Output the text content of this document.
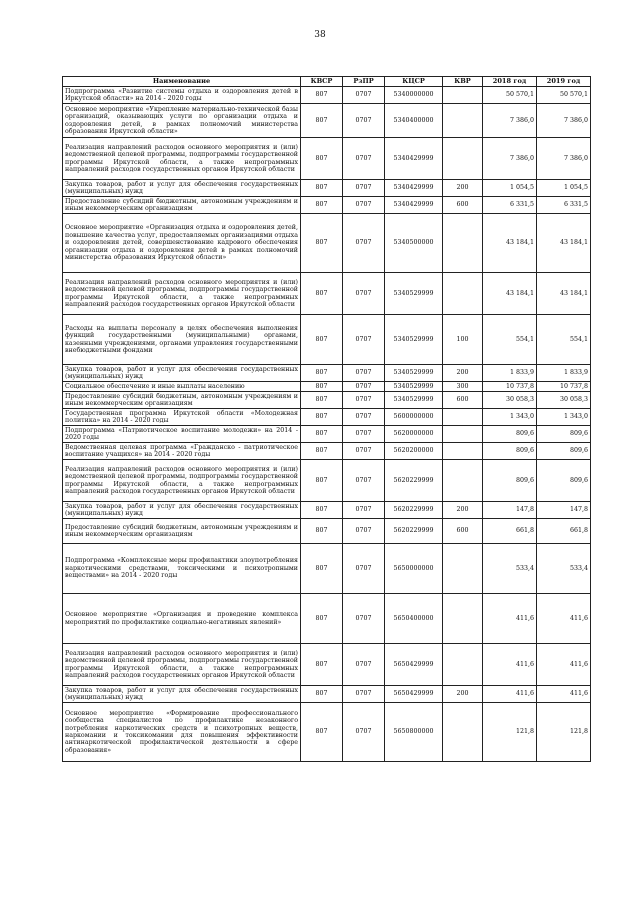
38
Наименование	КВСР	РзПР	КЦСР	КВР	2018 год	2019 год
Подпрограмма «Развитие системы отдыха и оздоровления детей в Иркутской области» на 2014 - 2020 годы	807	0707	5340000000		50 570,1	50 570,1
Основное мероприятие «Укрепление материально-технической базы организаций, оказывающих услуги по организации отдыха и оздоровления детей, в рамках полномочий министерства образования Иркутской области»	807	0707	5340400000		7 386,0	7 386,0
Реализация направлений расходов основного мероприятия и (или) ведомственной целевой программы, подпрограммы государственной программы Иркутской области, а также непрограммных направлений расходов государственных органов Иркутской области	807	0707	5340429999		7 386,0	7 386,0
Закупка товаров, работ и услуг для обеспечения государственных (муниципальных) нужд	807	0707	5340429999	200	1 054,5	1 054,5
Предоставление субсидий бюджетным, автономным учреждениям и иным некоммерческим организациям	807	0707	5340429999	600	6 331,5	6 331,5
Основное мероприятие «Организация отдыха и оздоровления детей, повышение качества услуг, предоставляемых организациями отдыха и оздоровления детей, совершенствование кадрового обеспечения организации отдыха и оздоровления детей в рамках полномочий министерства образования Иркутской области»	807	0707	5340500000		43 184,1	43 184,1
Реализация направлений расходов основного мероприятия и (или) ведомственной целевой программы, подпрограммы государственной программы Иркутской области, а также непрограммных направлений расходов государственных органов Иркутской области	807	0707	5340529999		43 184,1	43 184,1
Расходы на выплаты персоналу в целях обеспечения выполнения функций государственными (муниципальными) органами, казенными учреждениями, органами управления государственными внебюджетными фондами	807	0707	5340529999	100	554,1	554,1
Закупка товаров, работ и услуг для обеспечения государственных (муниципальных) нужд	807	0707	5340529999	200	1 833,9	1 833,9
Социальное обеспечение и иные выплаты населению	807	0707	5340529999	300	10 737,8	10 737,8
Предоставление субсидий бюджетным, автономным учреждениям и иным некоммерческим организациям	807	0707	5340529999	600	30 058,3	30 058,3
Государственная программа Иркутской области «Молодежная политика» на 2014 - 2020 годы	807	0707	5600000000		1 343,0	1 343,0
Подпрограмма «Патриотическое воспитание молодежи» на 2014 - 2020 годы	807	0707	5620000000		809,6	809,6
Ведомственная целевая программа «Гражданско - патриотическое воспитание учащихся» на 2014 - 2020 годы	807	0707	5620200000		809,6	809,6
Реализация направлений расходов основного мероприятия и (или) ведомственной целевой программы, подпрограммы государственной программы Иркутской области, а также непрограммных направлений расходов государственных органов Иркутской области	807	0707	5620229999		809,6	809,6
Закупка товаров, работ и услуг для обеспечения государственных (муниципальных) нужд	807	0707	5620229999	200	147,8	147,8
Предоставление субсидий бюджетным, автономным учреждениям и иным некоммерческим организациям	807	0707	5620229999	600	661,8	661,8
Подпрограмма «Комплексные меры профилактики злоупотребления наркотическими средствами, токсическими и психотропными веществами» на 2014 - 2020 годы	807	0707	5650000000		533,4	533,4
Основное мероприятие «Организация и проведение комплекса мероприятий по профилактике социально-негативных явлений»	807	0707	5650400000		411,6	411,6
Реализация направлений расходов основного мероприятия и (или) ведомственной целевой программы, подпрограммы государственной программы Иркутской области, а также непрограммных направлений расходов государственных органов Иркутской области	807	0707	5650429999		411,6	411,6
Закупка товаров, работ и услуг для обеспечения государственных (муниципальных) нужд	807	0707	5650429999	200	411,6	411,6
Основное мероприятие «Формирование профессионального сообщества специалистов по профилактике незаконного потребления наркотических средств и психотропных веществ, наркомании и токсикомании для повышения эффективности антинаркотической профилактической деятельности в сфере образования»	807	0707	5650800000		121,8	121,8
